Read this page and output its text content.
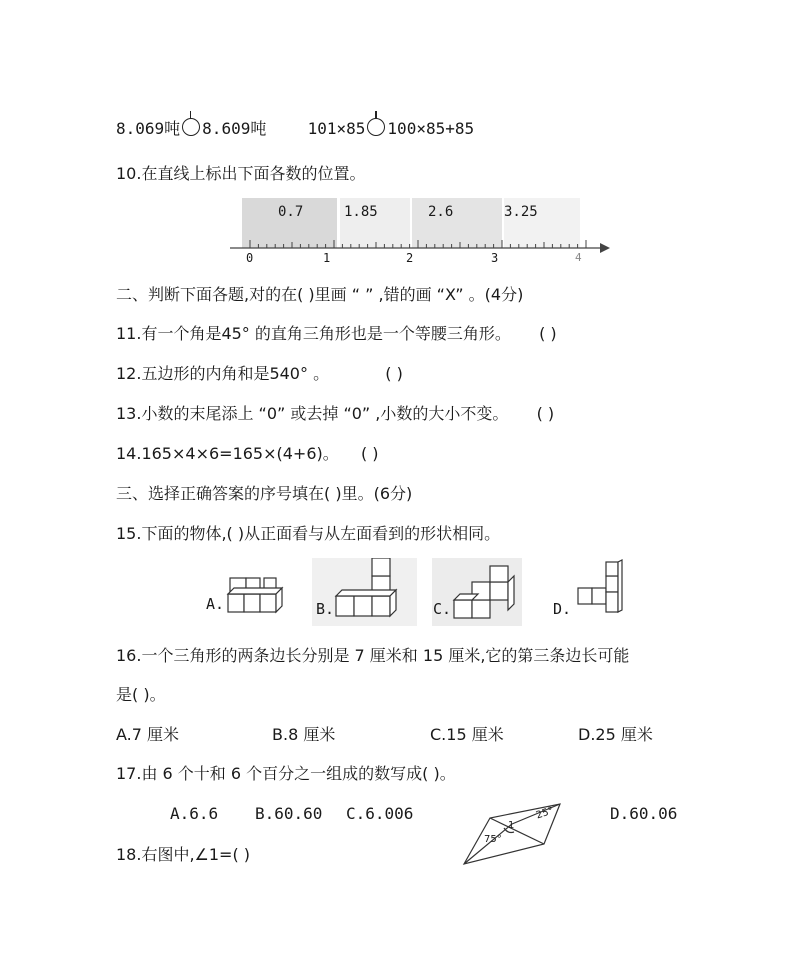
8.069吨 8.609吨	101×85 100×85+85
10.在直线上标出下面各数的位置。
0.7	1.85	2.6	3.25
0	1	2	3	4
二、判断下面各题,对的在( )里画 “ ” ,错的画 “X” 。(4分)
11.有一个角是45° 的直角三角形也是一个等腰三角形。 ( )
12.五边形的内角和是540° 。	( )
13.小数的末尾添上 “0” 或去掉 “0” ,小数的大小不变。 ( )
14.165×4×6=165×(4+6)。 ( )
三、选择正确答案的序号填在( )里。(6分)
15.下面的物体,( )从正面看与从左面看到的形状相同。
A.	B.	C.	D.
16.一个三角形的两条边长分别是 7 厘米和 15 厘米,它的第三条边长可能
是( )。
A.7 厘米	B.8 厘米	C.15 厘米	D.25 厘米
17.由 6 个十和 6 个百分之一组成的数写成( )。
A.6.6 B.60.60 C.6.006	D.60.06
75°
25°
1
18.右图中,∠1=( )
